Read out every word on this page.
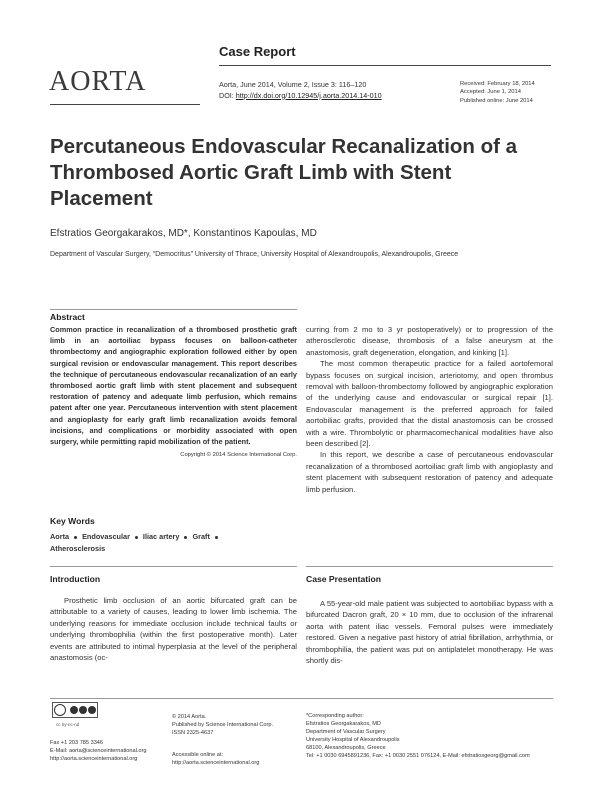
Case Report
AORTA	Aorta, June 2014, Volume 2, Issue 3: 116–120
DOI: http://dx.doi.org/10.12945/j.aorta.2014.14-010
Received: February 18, 2014
Accepted: June 1, 2014
Published online: June 2014
Percutaneous Endovascular Recanalization of a
Thrombosed Aortic Graft Limb with Stent
Placement
Efstratios Georgakarakos, MD*, Konstantinos Kapoulas, MD
Department of Vascular Surgery, “Democritus” University of Thrace, University Hospital of Alexandroupolis, Alexandroupolis, Greece
Abstract
Common practice in recanalization of a thrombosed prosthetic graft limb in an aortoiliac bypass focuses on balloon-catheter thrombectomy and angiographic exploration followed either by open surgical revision or endovascular management. This report describes the technique of percutaneous endovascular recanalization of an early thrombosed aortic graft limb with stent placement and subsequent restoration of patency and adequate limb perfusion, which remains patent after one year. Percutaneous intervention with stent placement and angioplasty for early graft limb recanalization avoids femoral incisions, and complications or morbidity associated with open surgery, while permitting rapid mobilization of the patient.
Copyright © 2014 Science International Corp.
Key Words
Aorta Endovascular Iliac artery Graft
Atherosclerosis
Introduction

Prosthetic limb occlusion of an aortic bifurcated graft can be attributable to a variety of causes, leading to lower limb ischemia. The underlying reasons for immediate occlusion include technical faults or underlying thrombophilia (within the first postoperative month). Later events are attributed to intimal hyperplasia at the level of the peripheral anastomosis (oc-

curring from 2 mo to 3 yr postoperatively) or to progression of the atherosclerotic disease, thrombosis of a false aneurysm at the anastomosis, graft degeneration, elongation, and kinking [1].

The most common therapeutic practice for a failed aortofemoral bypass focuses on surgical incision, arteriotomy, and open thrombus removal with balloon-thrombectomy followed by angiographic exploration of the underlying cause and endovascular or surgical repair [1]. Endovascular management is the preferred approach for failed aortobiliac grafts, provided that the distal anastomosis can be crossed with a wire. Thrombolytic or pharmacomechanical modalities have also been described [2].

In this report, we describe a case of percutaneous endovascular recanalization of a thrombosed aortoiliac graft limb with angioplasty and stent placement with subsequent restoration of patency and adequate limb perfusion.

Case Presentation

A 55-year-old male patient was subjected to aortobiliac bypass with a bifurcated Dacron graft, 20 × 10 mm, due to occlusion of the infrarenal aorta with patent iliac vessels. Femoral pulses were immediately restored. Given a negative past history of atrial fibrillation, arrhythmia, or thrombophilia, the patient was put on antiplatelet monotherapy. He was shortly dis-

Fax +1 203 785 3346
E-Mail: aorta@scienceinternational.org
http://aorta.scienceinternational.org
cc by-nc-nd
© 2014 Aorta.
Published by Science International Corp.
ISSN 2325-4637
Accessible online at:
http://aorta.scienceinternational.org
*Corresponding author:
Efstratios Georgakarakos, MD
Department of Vascular Surgery
University Hospital of Alexandroupolis
68100, Alexandroupolis, Greece
Tel: +1 0030 6945891236, Fax: +1 0030 2551 076124, E-Mail: efstratiosgeorg@gmail.com
